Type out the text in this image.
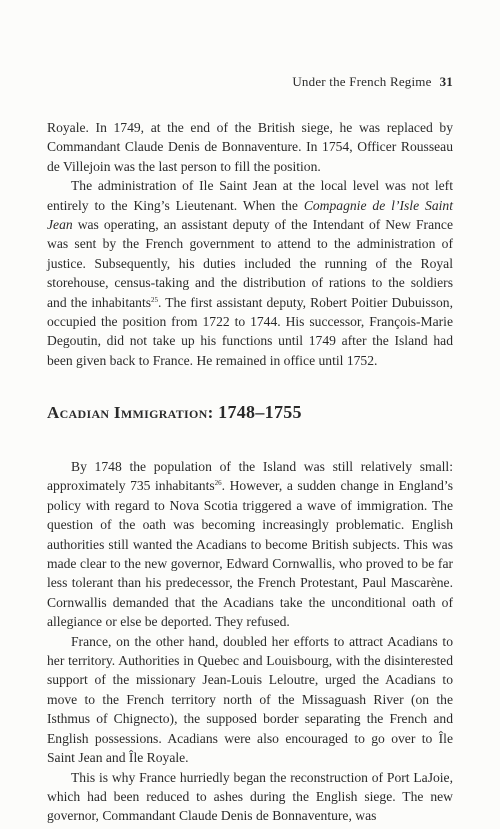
Under the French Regime 31

Royale. In 1749, at the end of the British siege, he was replaced by Commandant Claude Denis de Bonnaventure. In 1754, Officer Rousseau de Villejoin was the last person to fill the position.

The administration of Ile Saint Jean at the local level was not left entirely to the King’s Lieutenant. When the Compagnie de l’Isle Saint Jean was operating, an assistant deputy of the Intendant of New France was sent by the French government to attend to the administration of justice. Subsequently, his duties included the running of the Royal storehouse, census-taking and the distribution of rations to the soldiers and the inhabitants$^{25}$. The first assistant deputy, Robert Poitier Dubuisson, occupied the position from 1722 to 1744. His successor, François-Marie Degoutin, did not take up his functions until 1749 after the Island had been given back to France. He remained in office until 1752.

Acadian Immigration: 1748–1755

By 1748 the population of the Island was still relatively small: approximately 735 inhabitants$^{26}$. However, a sudden change in England’s policy with regard to Nova Scotia triggered a wave of immigration. The question of the oath was becoming increasingly problematic. English authorities still wanted the Acadians to become British subjects. This was made clear to the new governor, Edward Cornwallis, who proved to be far less tolerant than his predecessor, the French Protestant, Paul Mascarène. Cornwallis demanded that the Acadians take the unconditional oath of allegiance or else be deported. They refused.

France, on the other hand, doubled her efforts to attract Acadians to her territory. Authorities in Quebec and Louisbourg, with the disinterested support of the missionary Jean-Louis Leloutre, urged the Acadians to move to the French territory north of the Missaguash River (on the Isthmus of Chignecto), the supposed border separating the French and English possessions. Acadians were also encouraged to go over to Île Saint Jean and Île Royale.

This is why France hurriedly began the reconstruction of Port LaJoie, which had been reduced to ashes during the English siege. The new governor, Commandant Claude Denis de Bonnaventure, was
